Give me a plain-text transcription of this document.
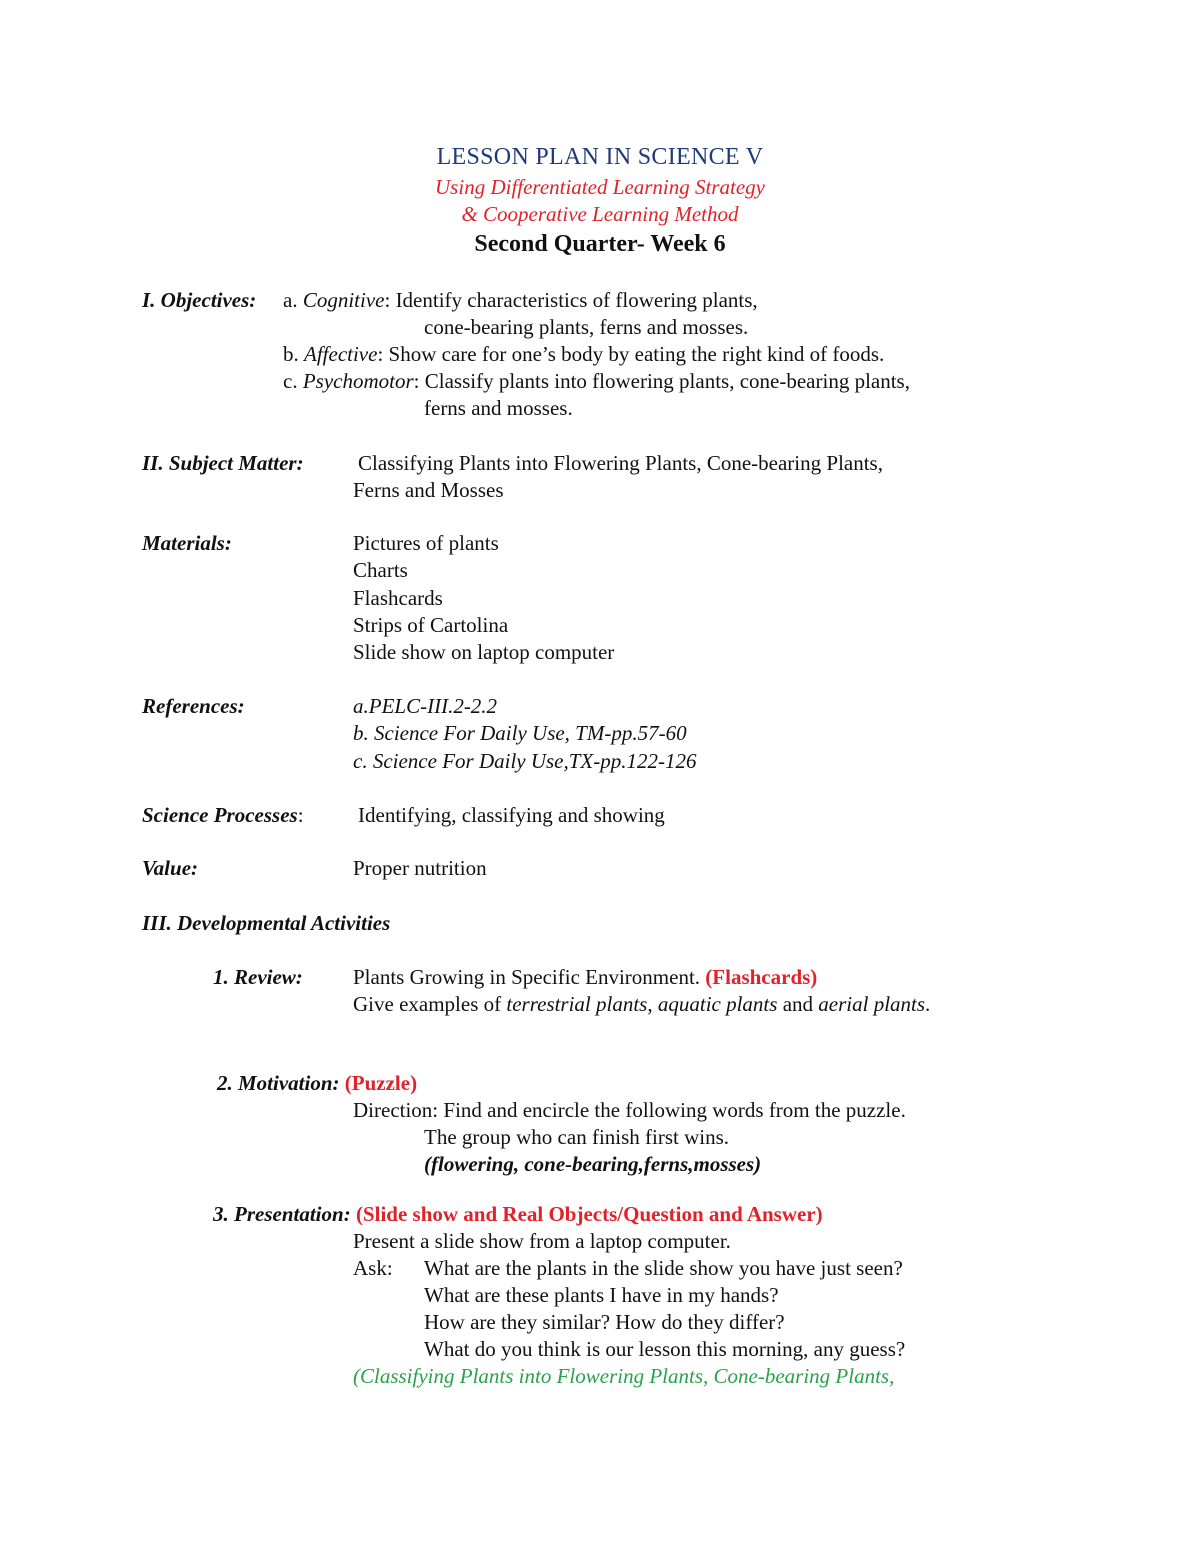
LESSON PLAN IN SCIENCE V
Using Differentiated Learning Strategy
& Cooperative Learning Method
Second Quarter- Week 6
I. Objectives: a. Cognitive: Identify characteristics of flowering plants,
cone-bearing plants, ferns and mosses.
b. Affective: Show care for one’s body by eating the right kind of foods.
c. Psychomotor: Classify plants into flowering plants, cone-bearing plants,
ferns and mosses.
II. Subject Matter:	Classifying Plants into Flowering Plants, Cone-bearing Plants,
Ferns and Mosses
Materials:	Pictures of plants
Charts
Flashcards
Strips of Cartolina
Slide show on laptop computer
References:	a.PELC-III.2-2.2
b. Science For Daily Use, TM-pp.57-60
c. Science For Daily Use,TX-pp.122-126
Science Processes:	Identifying, classifying and showing
Value:	Proper nutrition
III. Developmental Activities
1. Review: Plants Growing in Specific Environment. (Flashcards)
Give examples of terrestrial plants, aquatic plants and aerial plants.
2. Motivation: (Puzzle)
Direction: Find and encircle the following words from the puzzle.
The group who can finish first wins.
(flowering, cone-bearing,ferns,mosses)
3. Presentation: (Slide show and Real Objects/Question and Answer)
Present a slide show from a laptop computer.
Ask: What are the plants in the slide show you have just seen?
What are these plants I have in my hands?
How are they similar? How do they differ?
What do you think is our lesson this morning, any guess?
(Classifying Plants into Flowering Plants, Cone-bearing Plants,
